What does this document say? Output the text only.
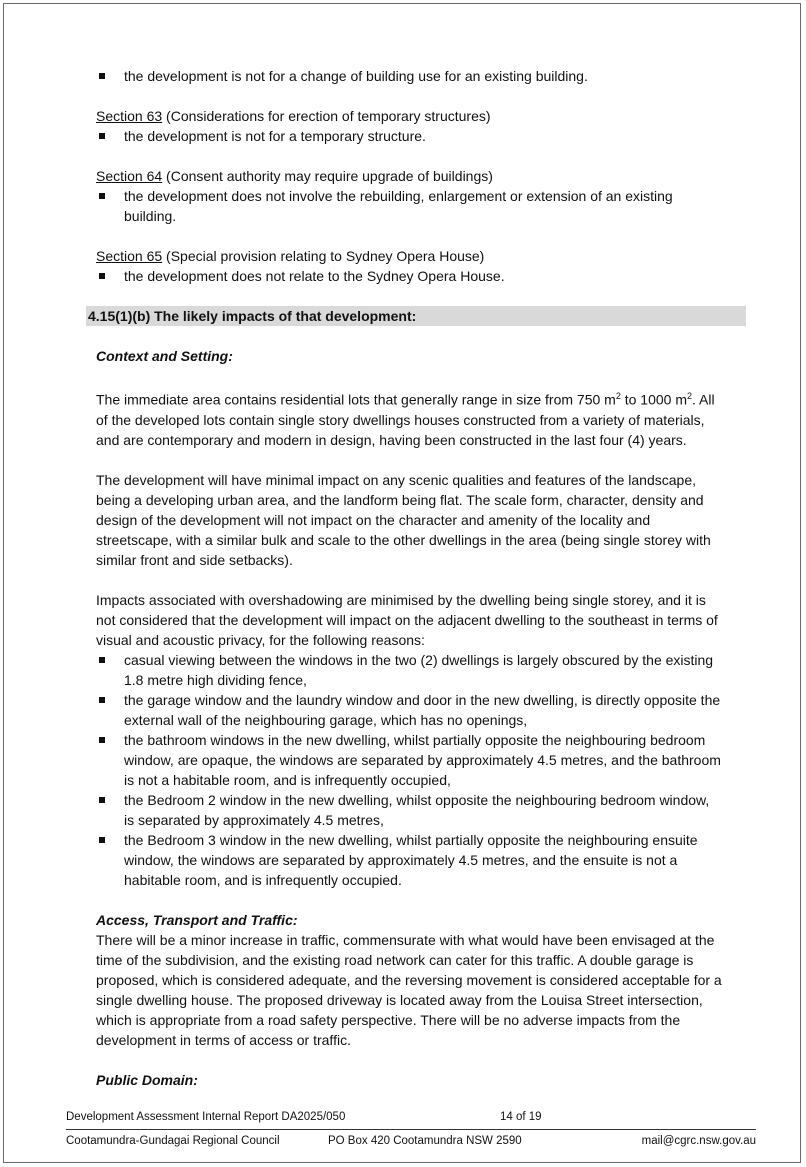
the development is not for a change of building use for an existing building.
Section 63 (Considerations for erection of temporary structures)
the development is not for a temporary structure.
Section 64 (Consent authority may require upgrade of buildings)
the development does not involve the rebuilding, enlargement or extension of an existing building.
Section 65 (Special provision relating to Sydney Opera House)
the development does not relate to the Sydney Opera House.
4.15(1)(b) The likely impacts of that development:
Context and Setting:

The immediate area contains residential lots that generally range in size from 750 $m^2$ to 1000 $m^2$. All of the developed lots contain single story dwellings houses constructed from a variety of materials, and are contemporary and modern in design, having been constructed in the last four (4) years.

The development will have minimal impact on any scenic qualities and features of the landscape, being a developing urban area, and the landform being flat. The scale form, character, density and design of the development will not impact on the character and amenity of the locality and streetscape, with a similar bulk and scale to the other dwellings in the area (being single storey with similar front and side setbacks).

Impacts associated with overshadowing are minimised by the dwelling being single storey, and it is not considered that the development will impact on the adjacent dwelling to the southeast in terms of visual and acoustic privacy, for the following reasons:

casual viewing between the windows in the two (2) dwellings is largely obscured by the existing 1.8 metre high dividing fence,
the garage window and the laundry window and door in the new dwelling, is directly opposite the external wall of the neighbouring garage, which has no openings,
the bathroom windows in the new dwelling, whilst partially opposite the neighbouring bedroom window, are opaque, the windows are separated by approximately 4.5 metres, and the bathroom is not a habitable room, and is infrequently occupied,
the Bedroom 2 window in the new dwelling, whilst opposite the neighbouring bedroom window, is separated by approximately 4.5 metres,
the Bedroom 3 window in the new dwelling, whilst partially opposite the neighbouring ensuite window, the windows are separated by approximately 4.5 metres, and the ensuite is not a habitable room, and is infrequently occupied.
Access, Transport and Traffic:

There will be a minor increase in traffic, commensurate with what would have been envisaged at the time of the subdivision, and the existing road network can cater for this traffic. A double garage is proposed, which is considered adequate, and the reversing movement is considered acceptable for a single dwelling house. The proposed driveway is located away from the Louisa Street intersection, which is appropriate from a road safety perspective. There will be no adverse impacts from the development in terms of access or traffic.

Public Domain:
Development Assessment Internal Report DA2025/050	14 of 19
Cootamundra-Gundagai Regional Council	PO Box 420 Cootamundra NSW 2590	mail@cgrc.nsw.gov.au
